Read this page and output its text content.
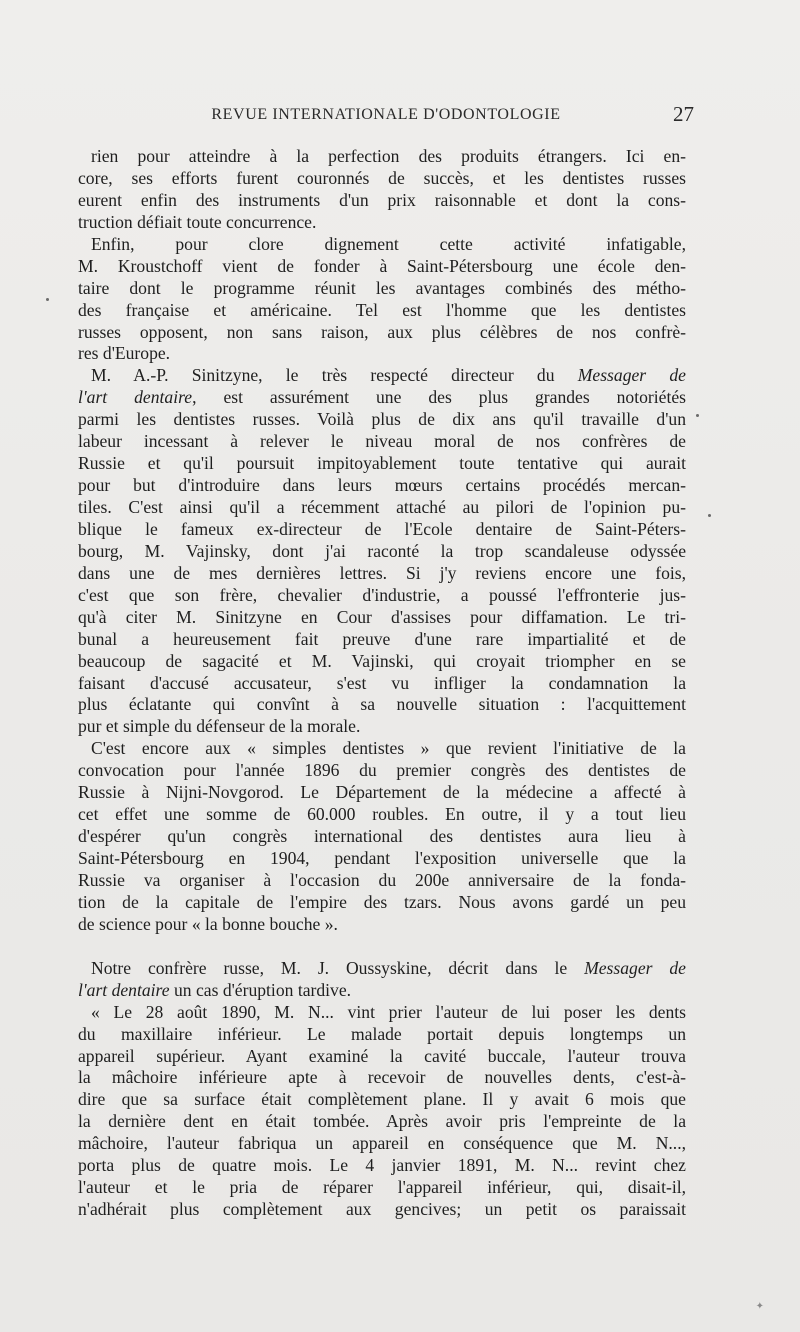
REVUE INTERNATIONALE D'ODONTOLOGIE	27
rien pour atteindre à la perfection des produits étrangers. Ici en-
core, ses efforts furent couronnés de succès, et les dentistes russes
eurent enfin des instruments d'un prix raisonnable et dont la cons-
truction défiait toute concurrence.
Enfin, pour clore dignement cette activité infatigable,
M. Kroustchoff vient de fonder à Saint-Pétersbourg une école den-
taire dont le programme réunit les avantages combinés des métho-
des française et américaine. Tel est l'homme que les dentistes
russes opposent, non sans raison, aux plus célèbres de nos confrè-
res d'Europe.
M. A.-P. Sinitzyne, le très respecté directeur du Messager de
l'art dentaire, est assurément une des plus grandes notoriétés
parmi les dentistes russes. Voilà plus de dix ans qu'il travaille d'un
labeur incessant à relever le niveau moral de nos confrères de
Russie et qu'il poursuit impitoyablement toute tentative qui aurait
pour but d'introduire dans leurs mœurs certains procédés mercan-
tiles. C'est ainsi qu'il a récemment attaché au pilori de l'opinion pu-
blique le fameux ex-directeur de l'Ecole dentaire de Saint-Péters-
bourg, M. Vajinsky, dont j'ai raconté la trop scandaleuse odyssée
dans une de mes dernières lettres. Si j'y reviens encore une fois,
c'est que son frère, chevalier d'industrie, a poussé l'effronterie jus-
qu'à citer M. Sinitzyne en Cour d'assises pour diffamation. Le tri-
bunal a heureusement fait preuve d'une rare impartialité et de
beaucoup de sagacité et M. Vajinski, qui croyait triompher en se
faisant d'accusé accusateur, s'est vu infliger la condamnation la
plus éclatante qui convînt à sa nouvelle situation : l'acquittement
pur et simple du défenseur de la morale.
C'est encore aux « simples dentistes » que revient l'initiative de la
convocation pour l'année 1896 du premier congrès des dentistes de
Russie à Nijni-Novgorod. Le Département de la médecine a affecté à
cet effet une somme de 60.000 roubles. En outre, il y a tout lieu
d'espérer qu'un congrès international des dentistes aura lieu à
Saint-Pétersbourg en 1904, pendant l'exposition universelle que la
Russie va organiser à l'occasion du 200e anniversaire de la fonda-
tion de la capitale de l'empire des tzars. Nous avons gardé un peu
de science pour « la bonne bouche ».
Notre confrère russe, M. J. Oussyskine, décrit dans le Messager de
l'art dentaire un cas d'éruption tardive.
« Le 28 août 1890, M. N... vint prier l'auteur de lui poser les dents
du maxillaire inférieur. Le malade portait depuis longtemps un
appareil supérieur. Ayant examiné la cavité buccale, l'auteur trouva
la mâchoire inférieure apte à recevoir de nouvelles dents, c'est-à-
dire que sa surface était complètement plane. Il y avait 6 mois que
la dernière dent en était tombée. Après avoir pris l'empreinte de la
mâchoire, l'auteur fabriqua un appareil en conséquence que M. N...,
porta plus de quatre mois. Le 4 janvier 1891, M. N... revint chez
l'auteur et le pria de réparer l'appareil inférieur, qui, disait-il,
n'adhérait plus complètement aux gencives; un petit os paraissait
✦
